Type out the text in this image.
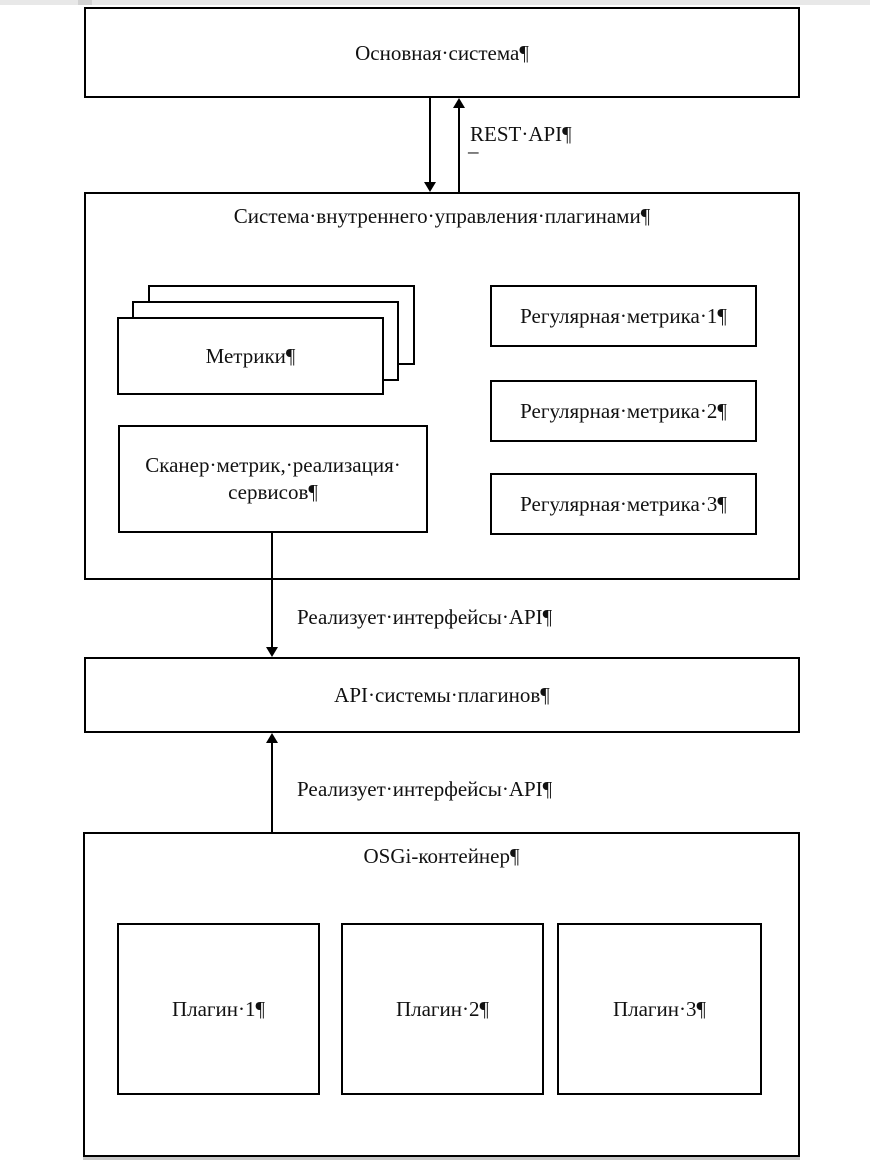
Основная·система¶
REST·API¶
–
Система·внутреннего·управления·плагинами¶
Метрики¶
Сканер·метрик,·реализация·
сервисов¶
Регулярная·метрика·1¶
Регулярная·метрика·2¶
Регулярная·метрика·3¶
Реализует·интерфейсы·API¶
API·системы·плагинов¶
Реализует·интерфейсы·API¶
OSGi-контейнер¶
Плагин·1¶	Плагин·2¶	Плагин·3¶
